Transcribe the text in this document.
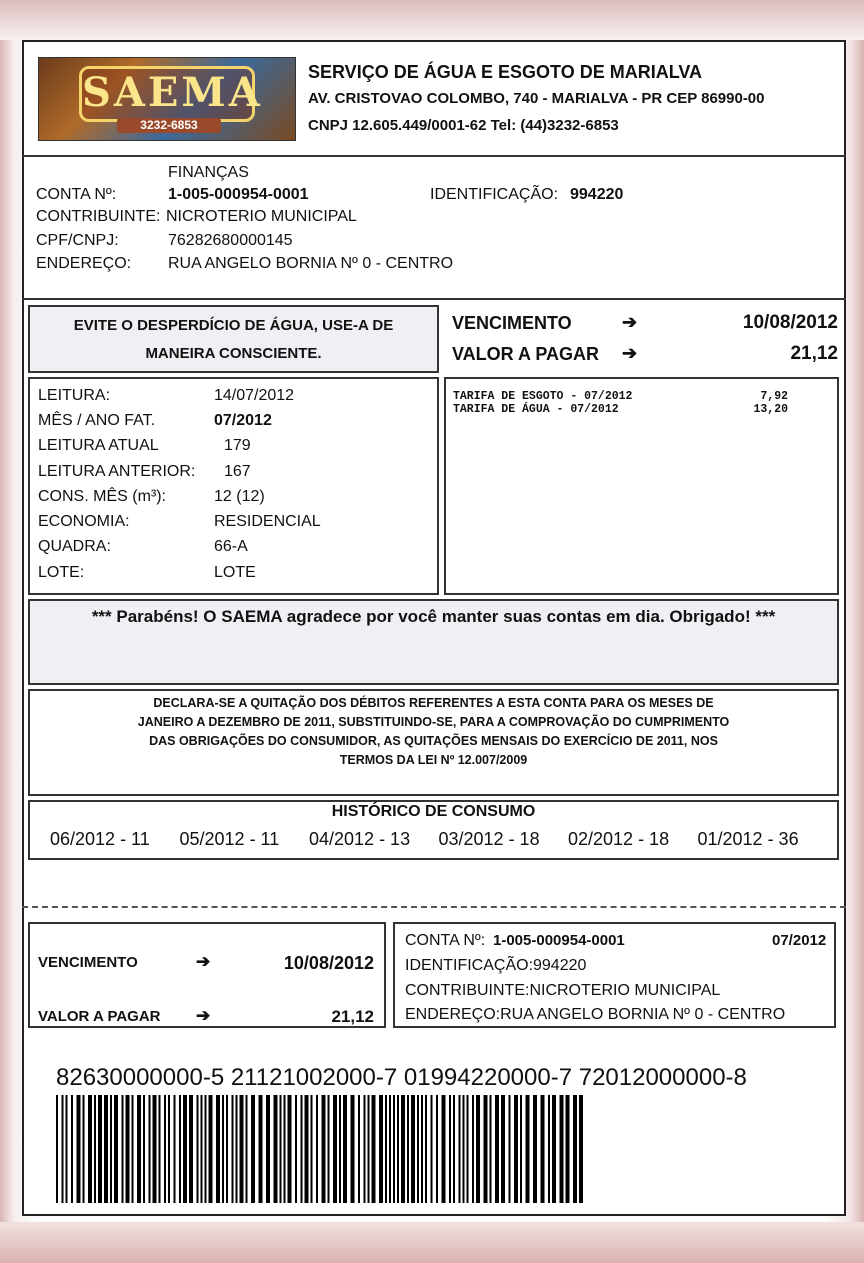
SAEMA
3232-6853
SERVIÇO DE ÁGUA E ESGOTO DE MARIALVA
AV. CRISTOVAO COLOMBO, 740 - MARIALVA - PR CEP 86990-00
CNPJ 12.605.449/0001-62 Tel: (44)3232-6853
FINANÇAS
CONTA Nº:	1-005-000954-0001	IDENTIFICAÇÃO: 994220
CONTRIBUINTE: NICROTERIO MUNICIPAL
CPF/CNPJ:	76282680000145
ENDEREÇO: RUA ANGELO BORNIA Nº 0 - CENTRO
EVITE O DESPERDÍCIO DE ÁGUA, USE-A DE
MANEIRA CONSCIENTE.
VENCIMENTO	➔	10/08/2012
VALOR A PAGAR ➔	21,12
LEITURA:	14/07/2012
MÊS / ANO FAT.	07/2012
LEITURA ATUAL	179
LEITURA ANTERIOR: 167
CONS. MÊS (m³):	12 (12)
ECONOMIA:	RESIDENCIAL
QUADRA:	66-A
LOTE:	LOTE
TARIFA DE ESGOTO - 07/2012	7,92
TARIFA DE ÁGUA - 07/2012	13,20
*** Parabéns! O SAEMA agradece por você manter suas contas em dia. Obrigado! ***
DECLARA-SE A QUITAÇÃO DOS DÉBITOS REFERENTES A ESTA CONTA PARA OS MESES DE
JANEIRO A DEZEMBRO DE 2011, SUBSTITUINDO-SE, PARA A COMPROVAÇÃO DO CUMPRIMENTO
DAS OBRIGAÇÕES DO CONSUMIDOR, AS QUITAÇÕES MENSAIS DO EXERCÍCIO DE 2011, NOS
TERMOS DA LEI Nº 12.007/2009
HISTÓRICO DE CONSUMO
06/2012 - 11 05/2012 - 11 04/2012 - 13 03/2012 - 18 02/2012 - 18 01/2012 - 36
VENCIMENTO	➔	10/08/2012
VALOR A PAGAR ➔	21,12
CONTA Nº: 1-005-000954-0001	07/2012
IDENTIFICAÇÃO:994220
CONTRIBUINTE:NICROTERIO MUNICIPAL
ENDEREÇO:RUA ANGELO BORNIA Nº 0 - CENTRO
82630000000-5 21121002000-7 01994220000-7 72012000000-8
